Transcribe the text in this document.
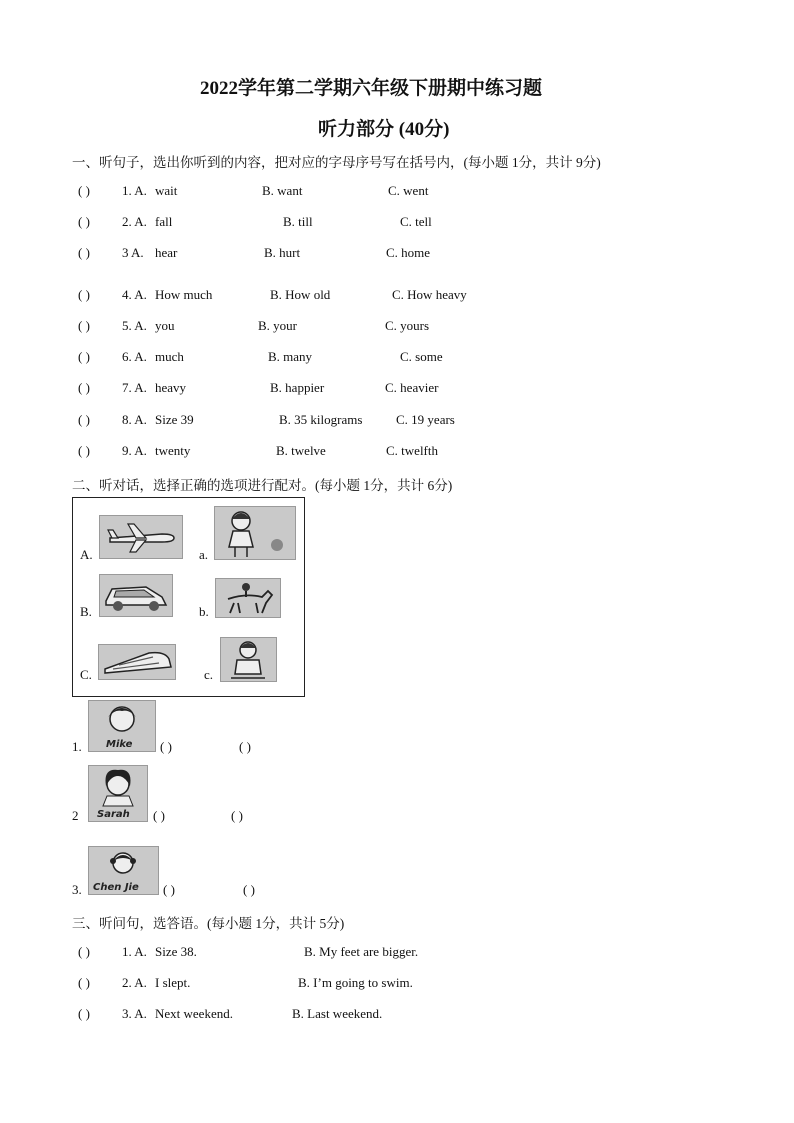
2022学年第二学期六年级下册期中练习题
听力部分 (40分)
一、听句子，选出你听到的内容，把对应的字母序号写在括号内，(每小题 1分，共计 9分)
( ) 1. A. wait	B. want	C. went
( ) 2. A. fall	B. till	C. tell
( ) 3 A. hear	B. hurt	C. home
( ) 4. A. How much	B. How old	C. How heavy
( ) 5. A. you	B. your	C. yours
( ) 6. A. much	B. many	C. some
( ) 7. A. heavy	B. happier	C. heavier
( ) 8. A. Size 39	B. 35 kilograms	C. 19 years
( ) 9. A. twenty	B. twelve	C. twelfth
二、听对话，选择正确的选项进行配对。(每小题 1分，共计 6分)
A.	a.
B.	b.
C.	c.
1. Mike ( )	( )
2 Sarah ( )	( )
3. Chen Jie ( )	( )
三、听问句，选答语。(每小题 1分，共计 5分)
( ) 1. A. Size 38.	B. My feet are bigger.
( ) 2. A. I slept.	B. I’m going to swim.
( ) 3. A. Next weekend.	B. Last weekend.
